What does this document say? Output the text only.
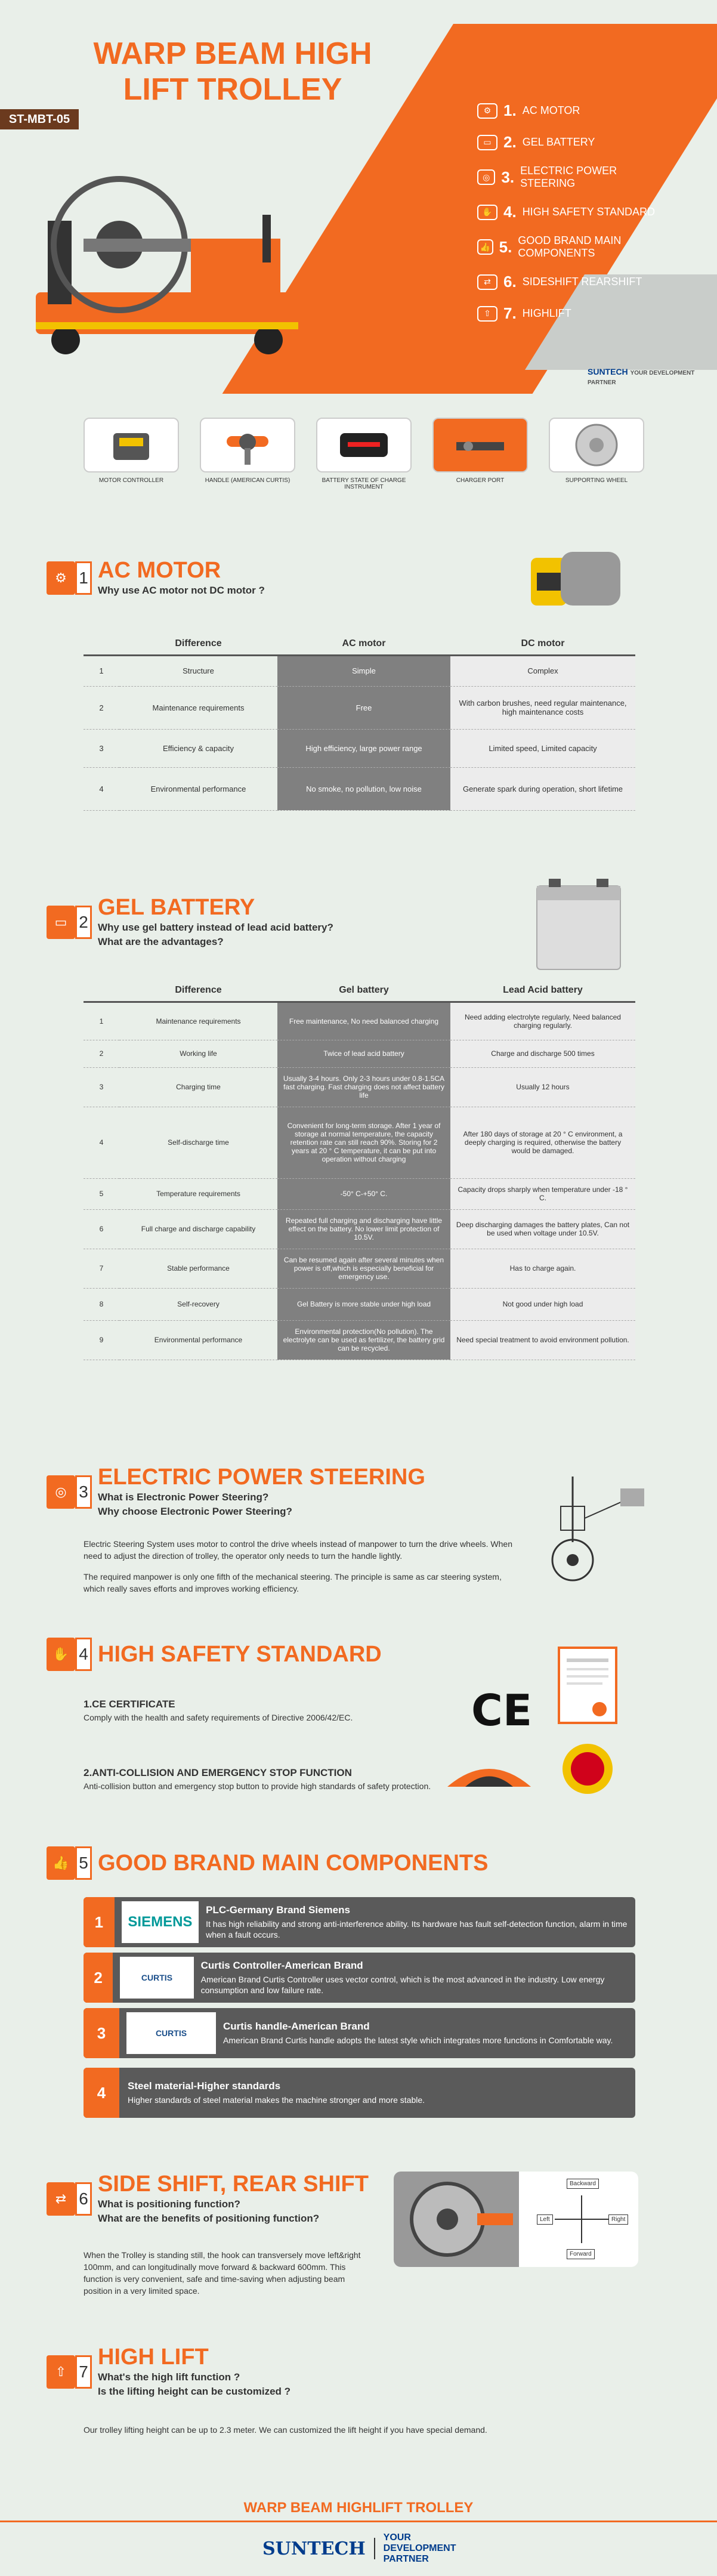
WARP BEAM HIGH
LIFT TROLLEY
ST-MBT-05
⚙ 1. AC MOTOR
▭ 2. GEL BATTERY
◎ 3. ELECTRIC POWER STEERING
✋ 4. HIGH SAFETY STANDARD
👍 5. GOOD BRAND MAIN COMPONENTS
⇄ 6. SIDESHIFT REARSHIFT
⇧ 7. HIGHLIFT
SUNTECH YOUR DEVELOPMENT PARTNER
MOTOR CONTROLLER	HANDLE (AMERICAN CURTIS)	BATTERY STATE OF CHARGE INSTRUMENT
CHARGER PORT	SUPPORTING WHEEL
⚙ 1 AC MOTOR
Why use AC motor not DC motor ?
	Difference	AC motor	DC motor
1	Structure	Simple	Complex
2	Maintenance requirements	Free	With carbon brushes, need regular maintenance, high maintenance costs
3	Efficiency & capacity	High efficiency, large power range	Limited speed, Limited capacity
4	Environmental performance	No smoke, no pollution, low noise	Generate spark during operation, short lifetime
▭ 2
GEL BATTERY
Why use gel battery instead of lead acid battery?
What are the advantages?
	Difference	Gel battery	Lead Acid battery
1	Maintenance requirements	Free maintenance, No need balanced charging	Need adding electrolyte regularly, Need balanced charging regularly.
2	Working life	Twice of lead acid battery	Charge and discharge 500 times
3	Charging time	Usually 3-4 hours. Only 2-3 hours under 0.8-1.5CA fast charging. Fast charging does not affect battery life	Usually 12 hours
4	Self-discharge time	Convenient for long-term storage. After 1 year of storage at normal temperature, the capacity retention rate can still reach 90%. Storing for 2 years at 20 ° C temperature, it can be put into operation without charging	After 180 days of storage at 20 ° C environment, a deeply charging is required, otherwise the battery would be damaged.
5	Temperature requirements	-50° C-+50° C.	Capacity drops sharply when temperature under -18 ° C.
6	Full charge and discharge capability	Repeated full charging and discharging have little effect on the battery. No lower limit protection of 10.5V.	Deep discharging damages the battery plates, Can not be used when voltage under 10.5V.
7	Stable performance	Can be resumed again after several minutes when power is off,which is especially beneficial for emergency use.	Has to charge again.
8	Self-recovery	Gel Battery is more stable under high load	Not good under high load
9	Environmental performance	Environmental protection(No pollution). The electrolyte can be used as fertilizer, the battery grid can be recycled.	Need special treatment to avoid environment pollution.
◎ 3
ELECTRIC POWER STEERING
What is Electronic Power Steering?
Why choose Electronic Power Steering?
Electric Steering System uses motor to control the drive wheels instead of manpower to turn the drive wheels. When need to adjust the direction of trolley, the operator only needs to turn the handle lightly.
The required manpower is only one fifth of the mechanical steering. The principle is same as car steering system, which really saves efforts and improves working efficiency.
✋ 4 HIGH SAFETY STANDARD
1.CE CERTIFICATE
Comply with the health and safety requirements of Directive 2006/42/EC.	CE
2.ANTI-COLLISION AND EMERGENCY STOP FUNCTION
Anti-collision button and emergency stop button to provide high standards of safety protection.
👍 5 GOOD BRAND MAIN COMPONENTS
1	SIEMENS
PLC-Germany Brand Siemens

It has high reliability and strong anti-interference ability. Its hardware has fault self-detection function, alarm in time when a fault occurs.

2	CURTIS
Curtis Controller-American Brand

American Brand Curtis Controller uses vector control, which is the most advanced in the industry. Low energy consumption and low failure rate.

3	CURTIS
Curtis handle-American Brand

American Brand Curtis handle adopts the latest style which integrates more functions in Comfortable way.

4	Steel material-Higher standards

Higher standards of steel material makes the machine stronger and more stable.

⇄ 6
SIDE SHIFT, REAR SHIFT
What is positioning function?
What are the benefits of positioning function?
When the Trolley is standing still, the hook can transversely move left&right 100mm, and can longitudinally move forward & backward 600mm. This function is very convenient, safe and time-saving when adjusting beam position in a very limited space.
Backward
Forward
Left	Right
⇧ 7
HIGH LIFT
What's the high lift function ?
Is the lifting height can be customized ?
Our trolley lifting height can be up to 2.3 meter. We can customized the lift height if you have special demand.
WARP BEAM HIGHLIFT TROLLEY
SUNTECH
YOUR DEVELOPMENT PARTNER
